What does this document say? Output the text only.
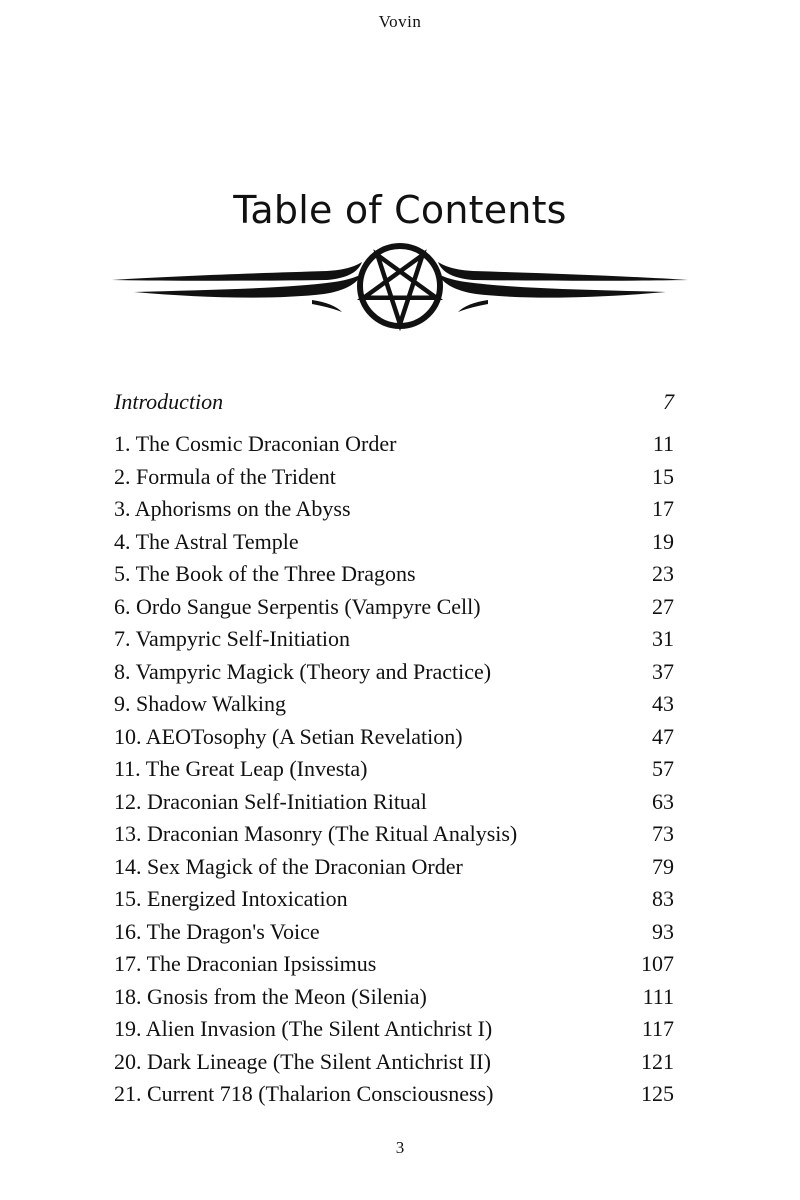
Vovin
Table of Contents
Introduction	7
1. The Cosmic Draconian Order	11
2. Formula of the Trident	15
3. Aphorisms on the Abyss	17
4. The Astral Temple	19
5. The Book of the Three Dragons	23
6. Ordo Sangue Serpentis (Vampyre Cell)	27
7. Vampyric Self-Initiation	31
8. Vampyric Magick (Theory and Practice)	37
9. Shadow Walking	43
10. AEOTosophy (A Setian Revelation)	47
11. The Great Leap (Investa)	57
12. Draconian Self-Initiation Ritual	63
13. Draconian Masonry (The Ritual Analysis)	73
14. Sex Magick of the Draconian Order	79
15. Energized Intoxication	83
16. The Dragon's Voice	93
17. The Draconian Ipsissimus	107
18. Gnosis from the Meon (Silenia)	111
19. Alien Invasion (The Silent Antichrist I)	117
20. Dark Lineage (The Silent Antichrist II)	121
21. Current 718 (Thalarion Consciousness)	125
3
